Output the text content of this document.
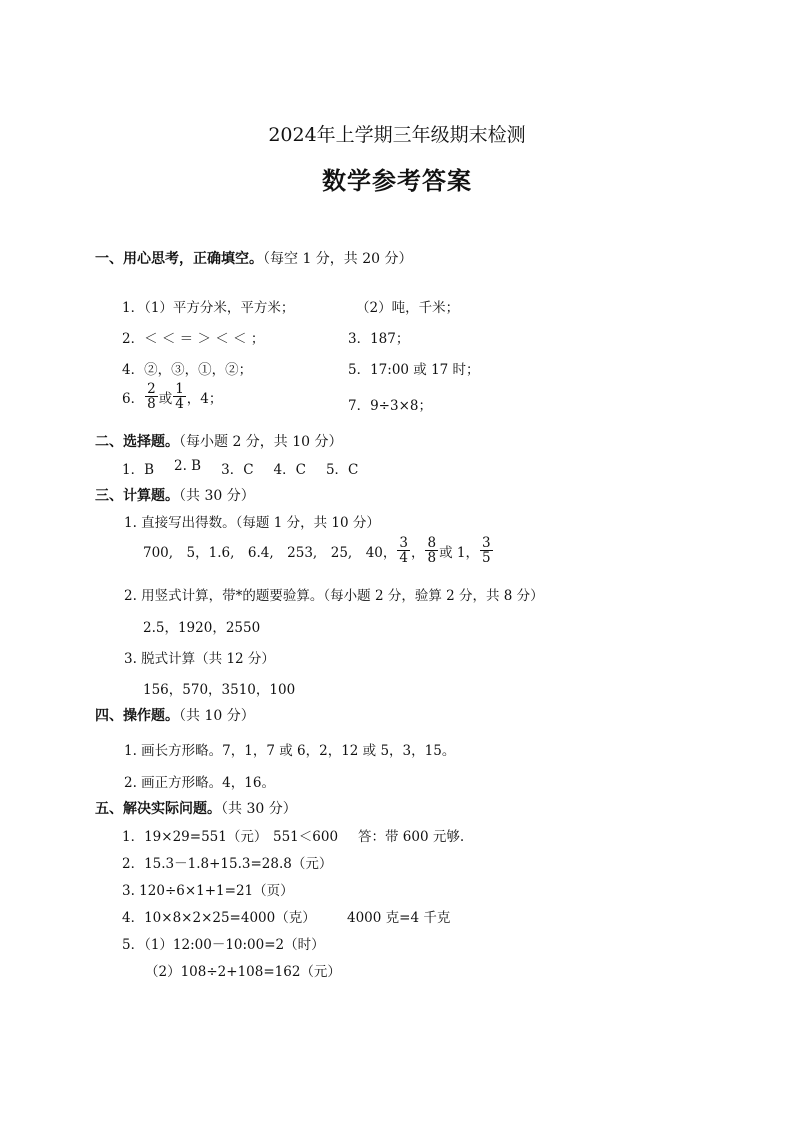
2024年上学期三年级期末检测
数学参考答案
一、用心思考，正确填空。（每空 1 分，共 20 分）
1．（1）平方分米，平方米；	（2）吨，千米；
2．＜ ＜ ＝ ＞ ＜ ＜ ；	3．187；
4．②，③，①，②；	5．17:00 或 17 时；
6． $\frac{2}{8}$ 或 $\frac{1}{4}$ ，4；	7．9÷3×8；
二、选择题。（每小题 2 分，共 10 分）
1．B 2. B 3．C 4．C 5．C
三、计算题。（共 30 分）
1. 直接写出得数。（每题 1 分，共 10 分）
700,　5，1.6,　6.4,　253,　25,　40， $\frac{3}{4}$ ， $\frac{8}{8}$ 或 1， $\frac{3}{5}$
2. 用竖式计算，带*的题要验算。（每小题 2 分，验算 2 分，共 8 分）
2.5，1920，2550
3. 脱式计算（共 12 分）
156，570，3510，100
四、操作题。（共 10 分）
1. 画长方形略。7，1，7 或 6，2，12 或 5，3，15。
2. 画正方形略。4，16。
五、解决实际问题。（共 30 分）
1．19×29=551（元） 551＜600 答：带 600 元够.
2．15.3－1.8+15.3=28.8（元）
3. 120÷6×1+1=21（页）
4．10×8×2×25=4000（克） 4000 克=4 千克
5．（1）12:00－10:00=2（时）
（2）108÷2+108=162（元）
